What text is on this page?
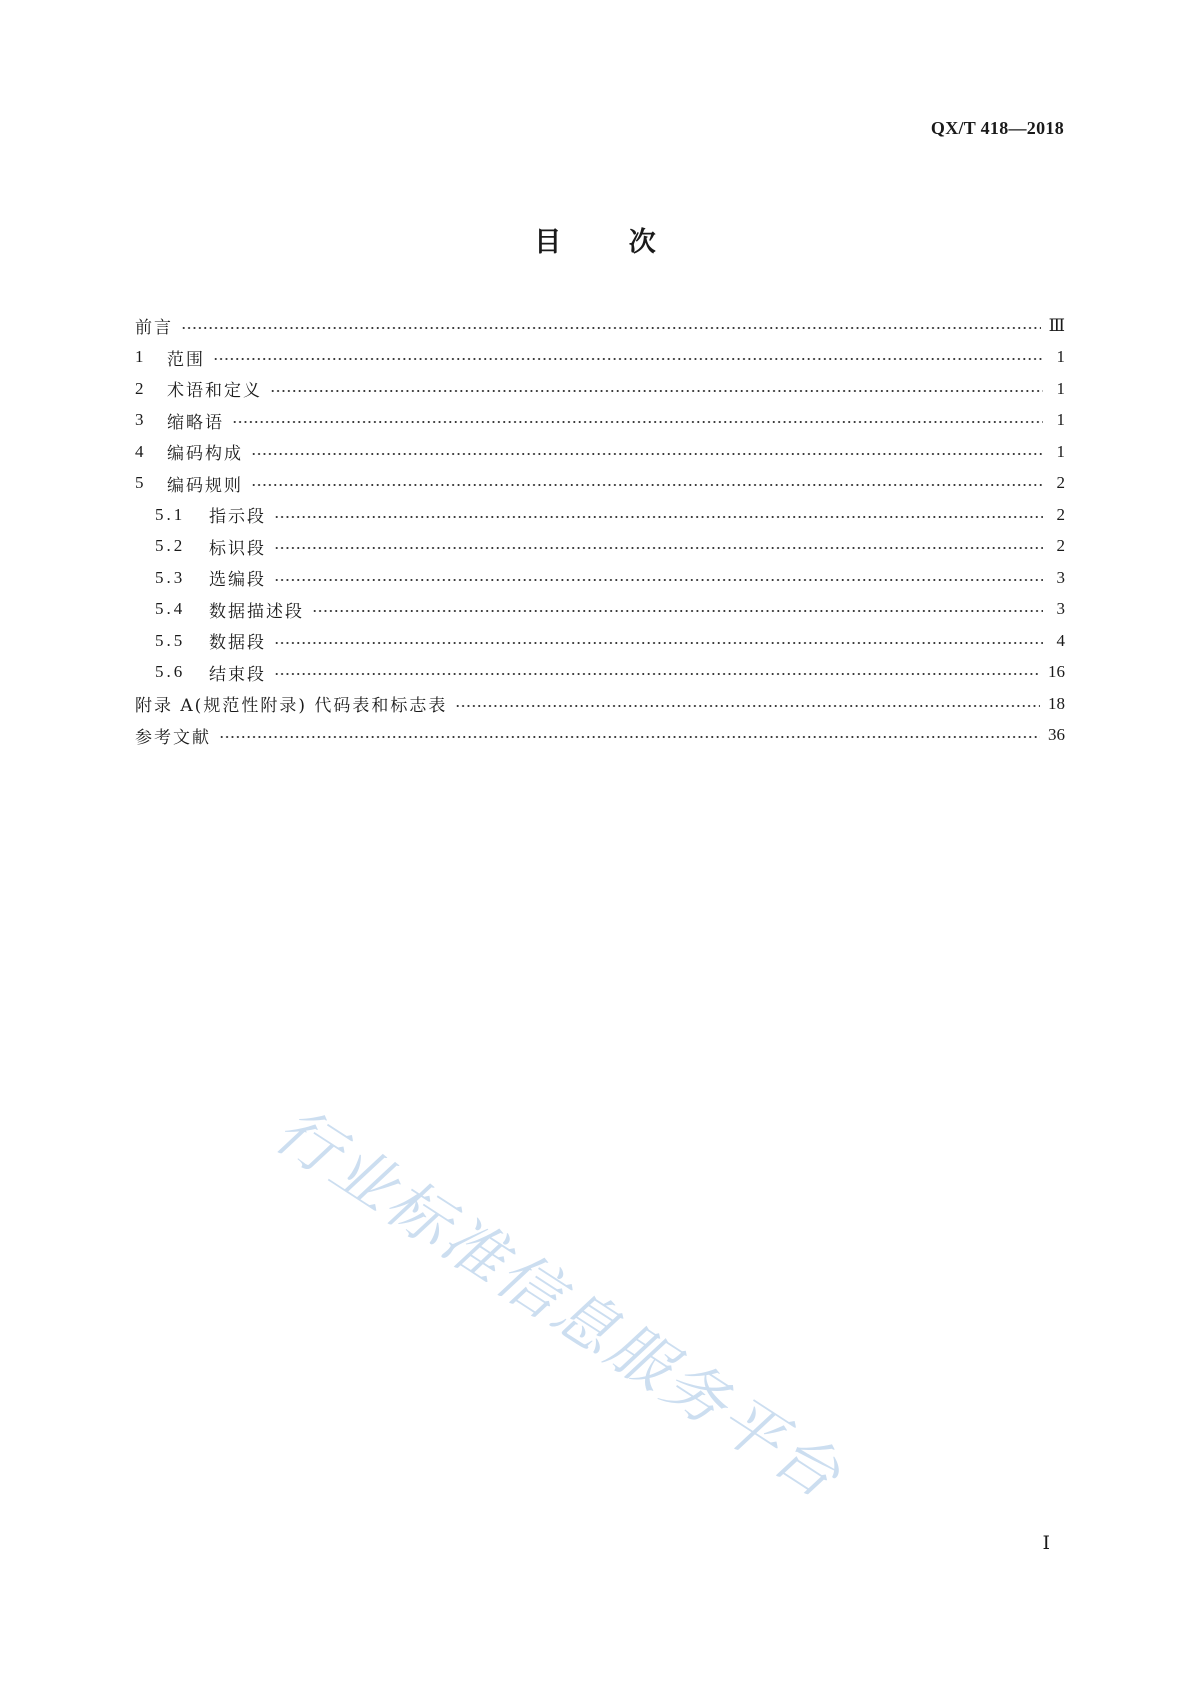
QX/T 418—2018
目 次
前言	Ⅲ
1	范围	1
2	术语和定义	1
3	缩略语	1
4	编码构成	1
5	编码规则	2
5.1	指示段	2
5.2	标识段	2
5.3	选编段	3
5.4	数据描述段	3
5.5	数据段	4
5.6	结束段	16
附录 A(规范性附录) 代码表和标志表	18
参考文献	36
行业标准信息服务平台
Ⅰ
